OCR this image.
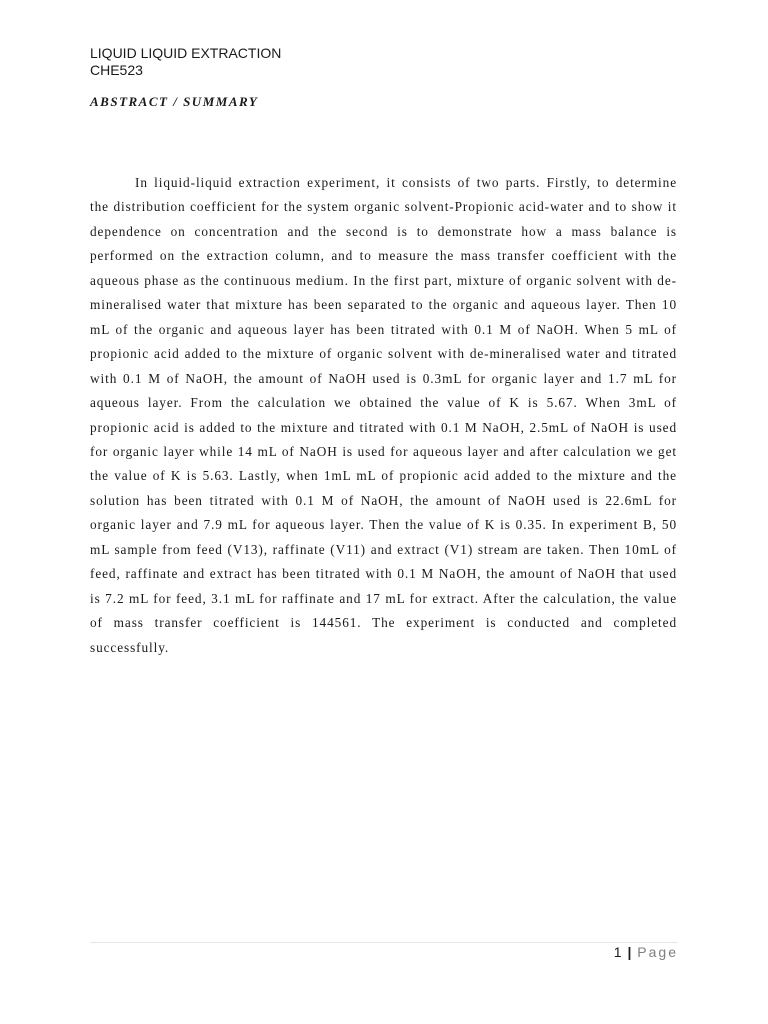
LIQUID LIQUID EXTRACTION
CHE523
ABSTRACT / SUMMARY

In liquid-liquid extraction experiment, it consists of two parts. Firstly, to determine the distribution coefficient for the system organic solvent-Propionic acid-water and to show it dependence on concentration and the second is to demonstrate how a mass balance is performed on the extraction column, and to measure the mass transfer coefficient with the aqueous phase as the continuous medium. In the first part, mixture of organic solvent with de-mineralised water that mixture has been separated to the organic and aqueous layer. Then 10 mL of the organic and aqueous layer has been titrated with 0.1 M of NaOH. When 5 mL of propionic acid added to the mixture of organic solvent with de-mineralised water and titrated with 0.1 M of NaOH, the amount of NaOH used is 0.3mL for organic layer and 1.7 mL for aqueous layer. From the calculation we obtained the value of K is 5.67. When 3mL of propionic acid is added to the mixture and titrated with 0.1 M NaOH, 2.5mL of NaOH is used for organic layer while 14 mL of NaOH is used for aqueous layer and after calculation we get the value of K is 5.63. Lastly, when 1mL mL of propionic acid added to the mixture and the solution has been titrated with 0.1 M of NaOH, the amount of NaOH used is 22.6mL for organic layer and 7.9 mL for aqueous layer. Then the value of K is 0.35. In experiment B, 50 mL sample from feed (V13), raffinate (V11) and extract (V1) stream are taken. Then 10mL of feed, raffinate and extract has been titrated with 0.1 M NaOH, the amount of NaOH that used is 7.2 mL for feed, 3.1 mL for raffinate and 17 mL for extract. After the calculation, the value of mass transfer coefficient is 144561. The experiment is conducted and completed successfully.

1 | Page
